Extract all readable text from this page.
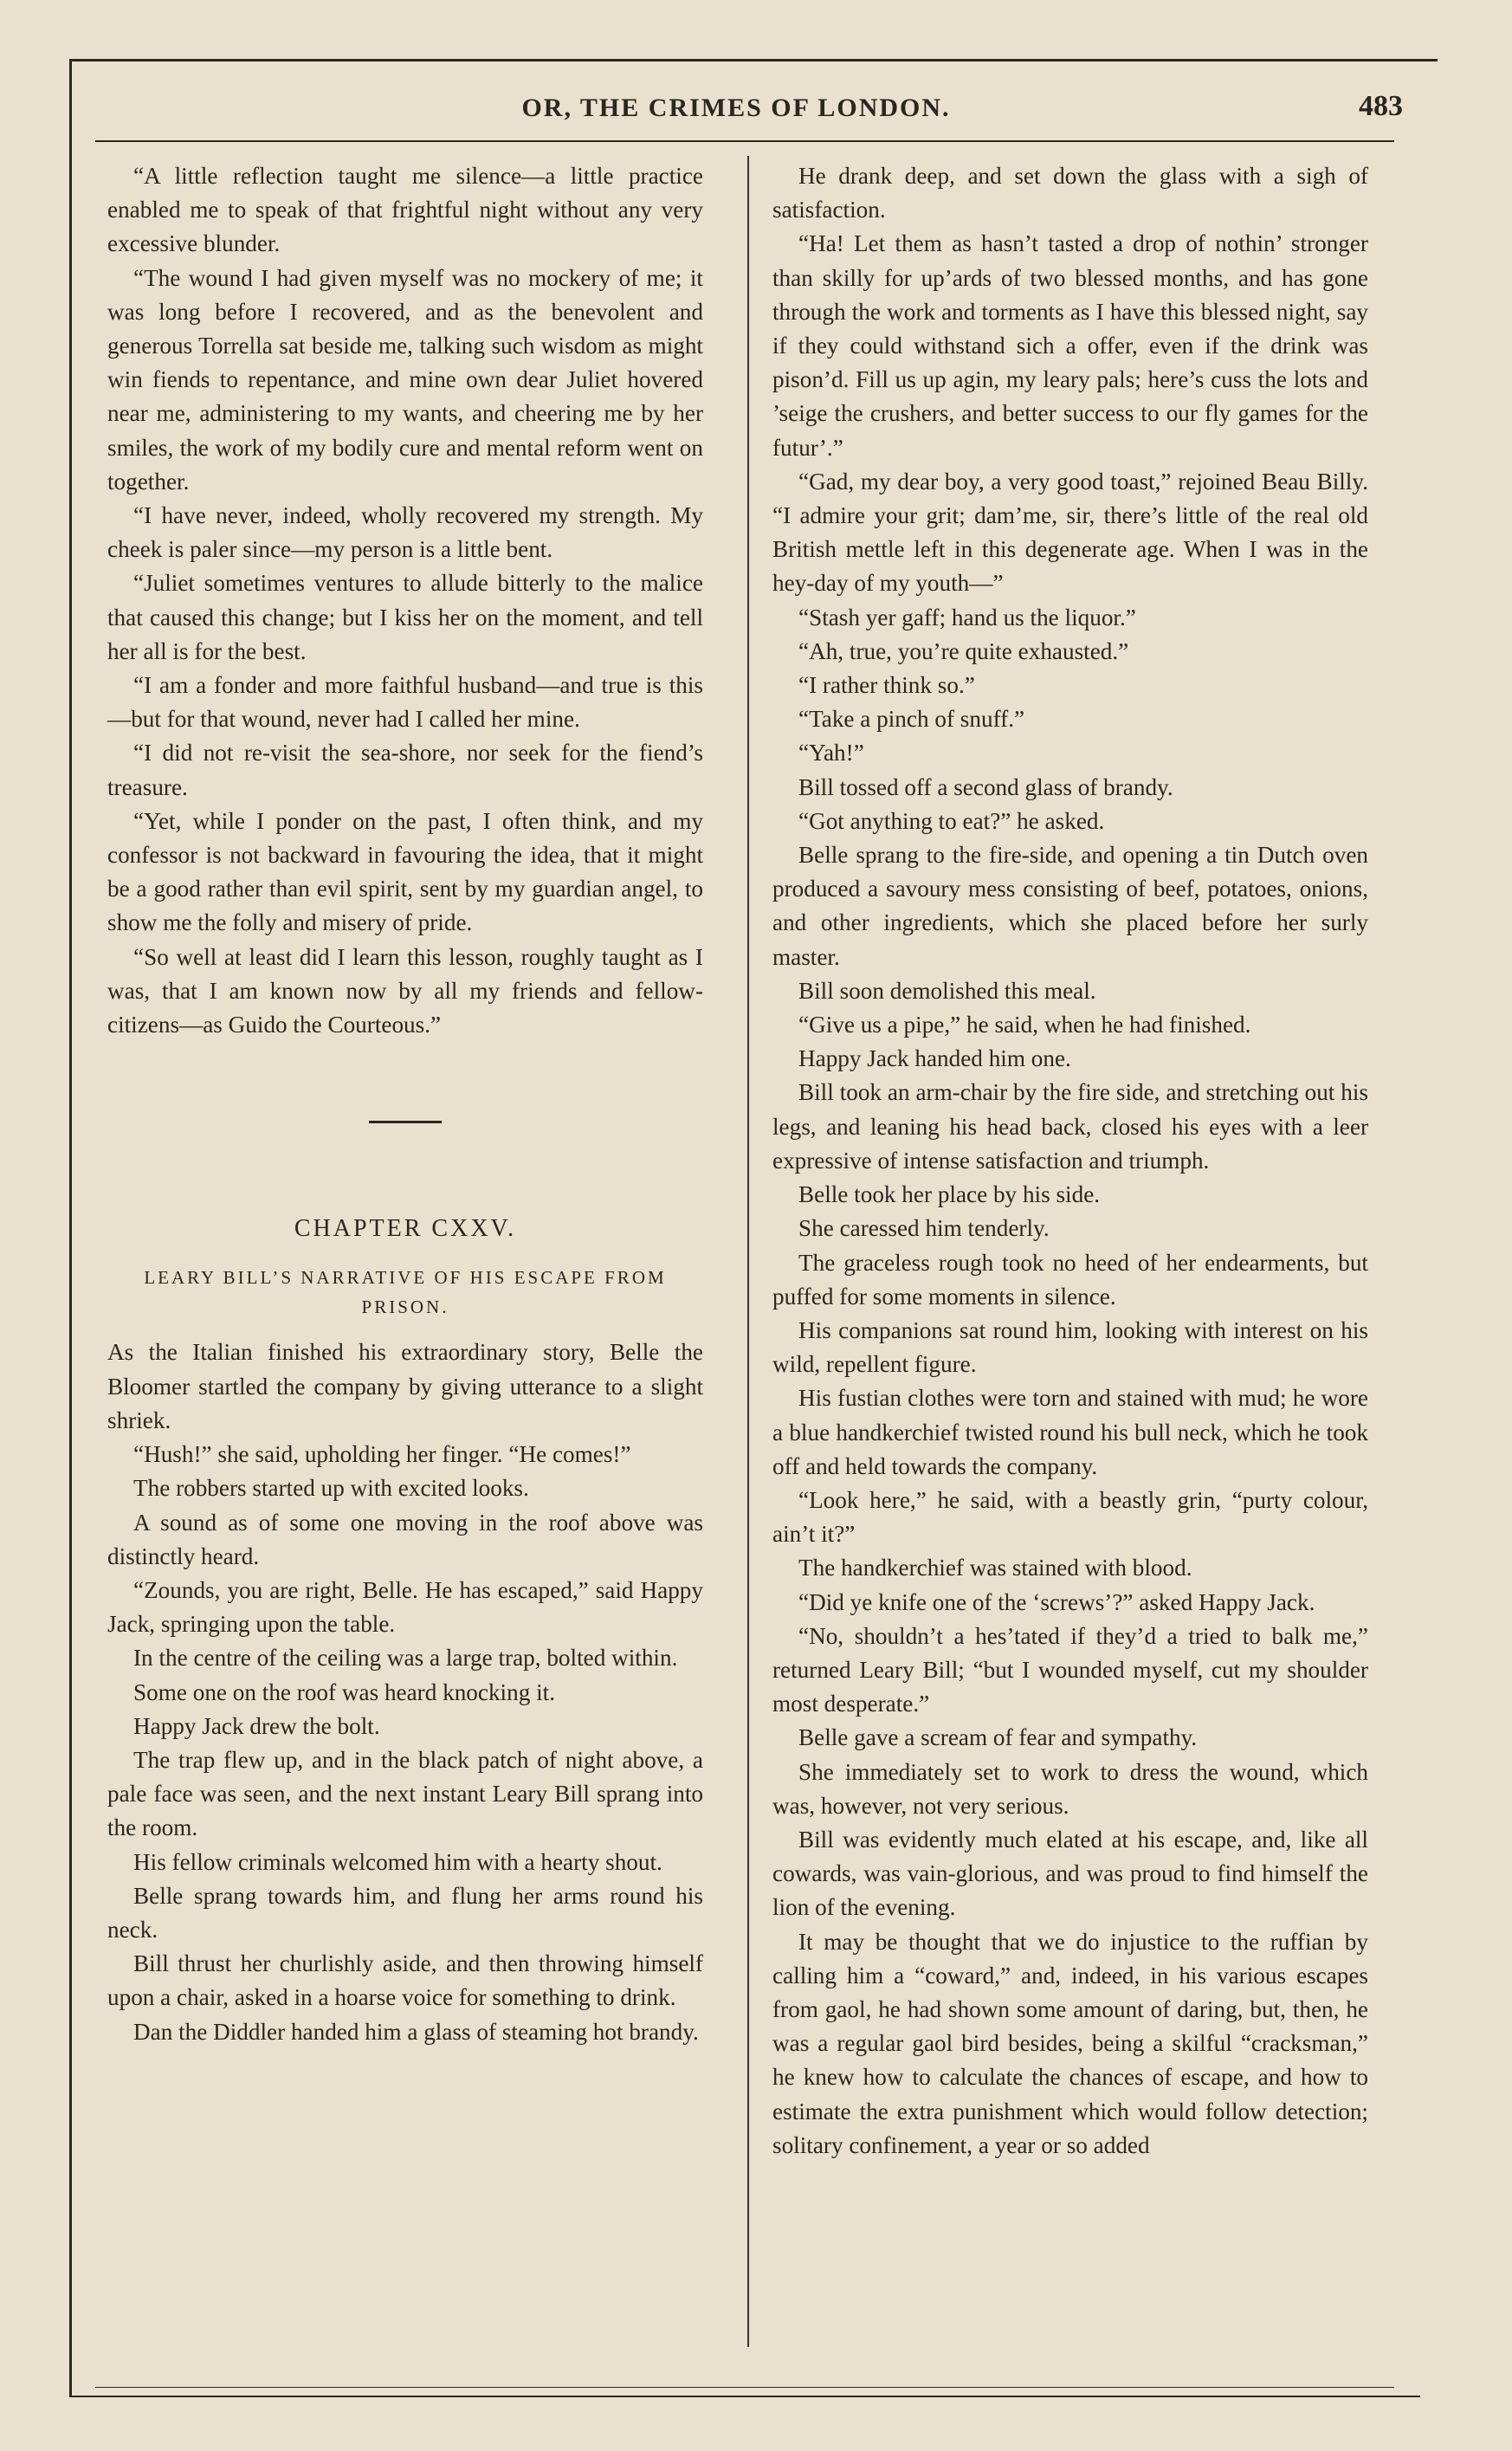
OR, THE CRIMES OF LONDON.	483

“A little reflection taught me silence—a little practice enabled me to speak of that frightful night without any very excessive blunder.

“The wound I had given myself was no mockery of me; it was long before I recovered, and as the benevolent and generous Torrella sat beside me, talking such wisdom as might win fiends to repentance, and mine own dear Juliet hovered near me, administering to my wants, and cheering me by her smiles, the work of my bodily cure and mental reform went on together.

“I have never, indeed, wholly recovered my strength. My cheek is paler since—my person is a little bent.

“Juliet sometimes ventures to allude bitterly to the malice that caused this change; but I kiss her on the moment, and tell her all is for the best.

“I am a fonder and more faithful husband—and true is this—but for that wound, never had I called her mine.

“I did not re-visit the sea-shore, nor seek for the fiend’s treasure.

“Yet, while I ponder on the past, I often think, and my confessor is not backward in favouring the idea, that it might be a good rather than evil spirit, sent by my guardian angel, to show me the folly and misery of pride.

“So well at least did I learn this lesson, roughly taught as I was, that I am known now by all my friends and fellow-citizens—as Guido the Courteous.”

CHAPTER CXXV.
LEARY BILL’S NARRATIVE OF HIS ESCAPE FROM PRISON.

As the Italian finished his extraordinary story, Belle the Bloomer startled the company by giving utterance to a slight shriek.

“Hush!” she said, upholding her finger. “He comes!”

The robbers started up with excited looks.

A sound as of some one moving in the roof above was distinctly heard.

“Zounds, you are right, Belle. He has escaped,” said Happy Jack, springing upon the table.

In the centre of the ceiling was a large trap, bolted within.

Some one on the roof was heard knocking it.

Happy Jack drew the bolt.

The trap flew up, and in the black patch of night above, a pale face was seen, and the next instant Leary Bill sprang into the room.

His fellow criminals welcomed him with a hearty shout.

Belle sprang towards him, and flung her arms round his neck.

Bill thrust her churlishly aside, and then throwing himself upon a chair, asked in a hoarse voice for something to drink.

Dan the Diddler handed him a glass of steaming hot brandy.

He drank deep, and set down the glass with a sigh of satisfaction.

“Ha! Let them as hasn’t tasted a drop of nothin’ stronger than skilly for up’ards of two blessed months, and has gone through the work and torments as I have this blessed night, say if they could withstand sich a offer, even if the drink was pison’d. Fill us up agin, my leary pals; here’s cuss the lots and ’seige the crushers, and better success to our fly games for the futur’.”

“Gad, my dear boy, a very good toast,” rejoined Beau Billy. “I admire your grit; dam’me, sir, there’s little of the real old British mettle left in this degenerate age. When I was in the hey-day of my youth—”

“Stash yer gaff; hand us the liquor.”

“Ah, true, you’re quite exhausted.”

“I rather think so.”

“Take a pinch of snuff.”

“Yah!”

Bill tossed off a second glass of brandy.

“Got anything to eat?” he asked.

Belle sprang to the fire-side, and opening a tin Dutch oven produced a savoury mess consisting of beef, potatoes, onions, and other ingredients, which she placed before her surly master.

Bill soon demolished this meal.

“Give us a pipe,” he said, when he had finished.

Happy Jack handed him one.

Bill took an arm-chair by the fire side, and stretching out his legs, and leaning his head back, closed his eyes with a leer expressive of intense satisfaction and triumph.

Belle took her place by his side.

She caressed him tenderly.

The graceless rough took no heed of her endearments, but puffed for some moments in silence.

His companions sat round him, looking with interest on his wild, repellent figure.

His fustian clothes were torn and stained with mud; he wore a blue handkerchief twisted round his bull neck, which he took off and held towards the company.

“Look here,” he said, with a beastly grin, “purty colour, ain’t it?”

The handkerchief was stained with blood.

“Did ye knife one of the ‘screws’?” asked Happy Jack.

“No, shouldn’t a hes’tated if they’d a tried to balk me,” returned Leary Bill; “but I wounded myself, cut my shoulder most desperate.”

Belle gave a scream of fear and sympathy.

She immediately set to work to dress the wound, which was, however, not very serious.

Bill was evidently much elated at his escape, and, like all cowards, was vain-glorious, and was proud to find himself the lion of the evening.

It may be thought that we do injustice to the ruffian by calling him a “coward,” and, indeed, in his various escapes from gaol, he had shown some amount of daring, but, then, he was a regular gaol bird besides, being a skilful “cracksman,” he knew how to calculate the chances of escape, and how to estimate the extra punishment which would follow detection; solitary confinement, a year or so added
